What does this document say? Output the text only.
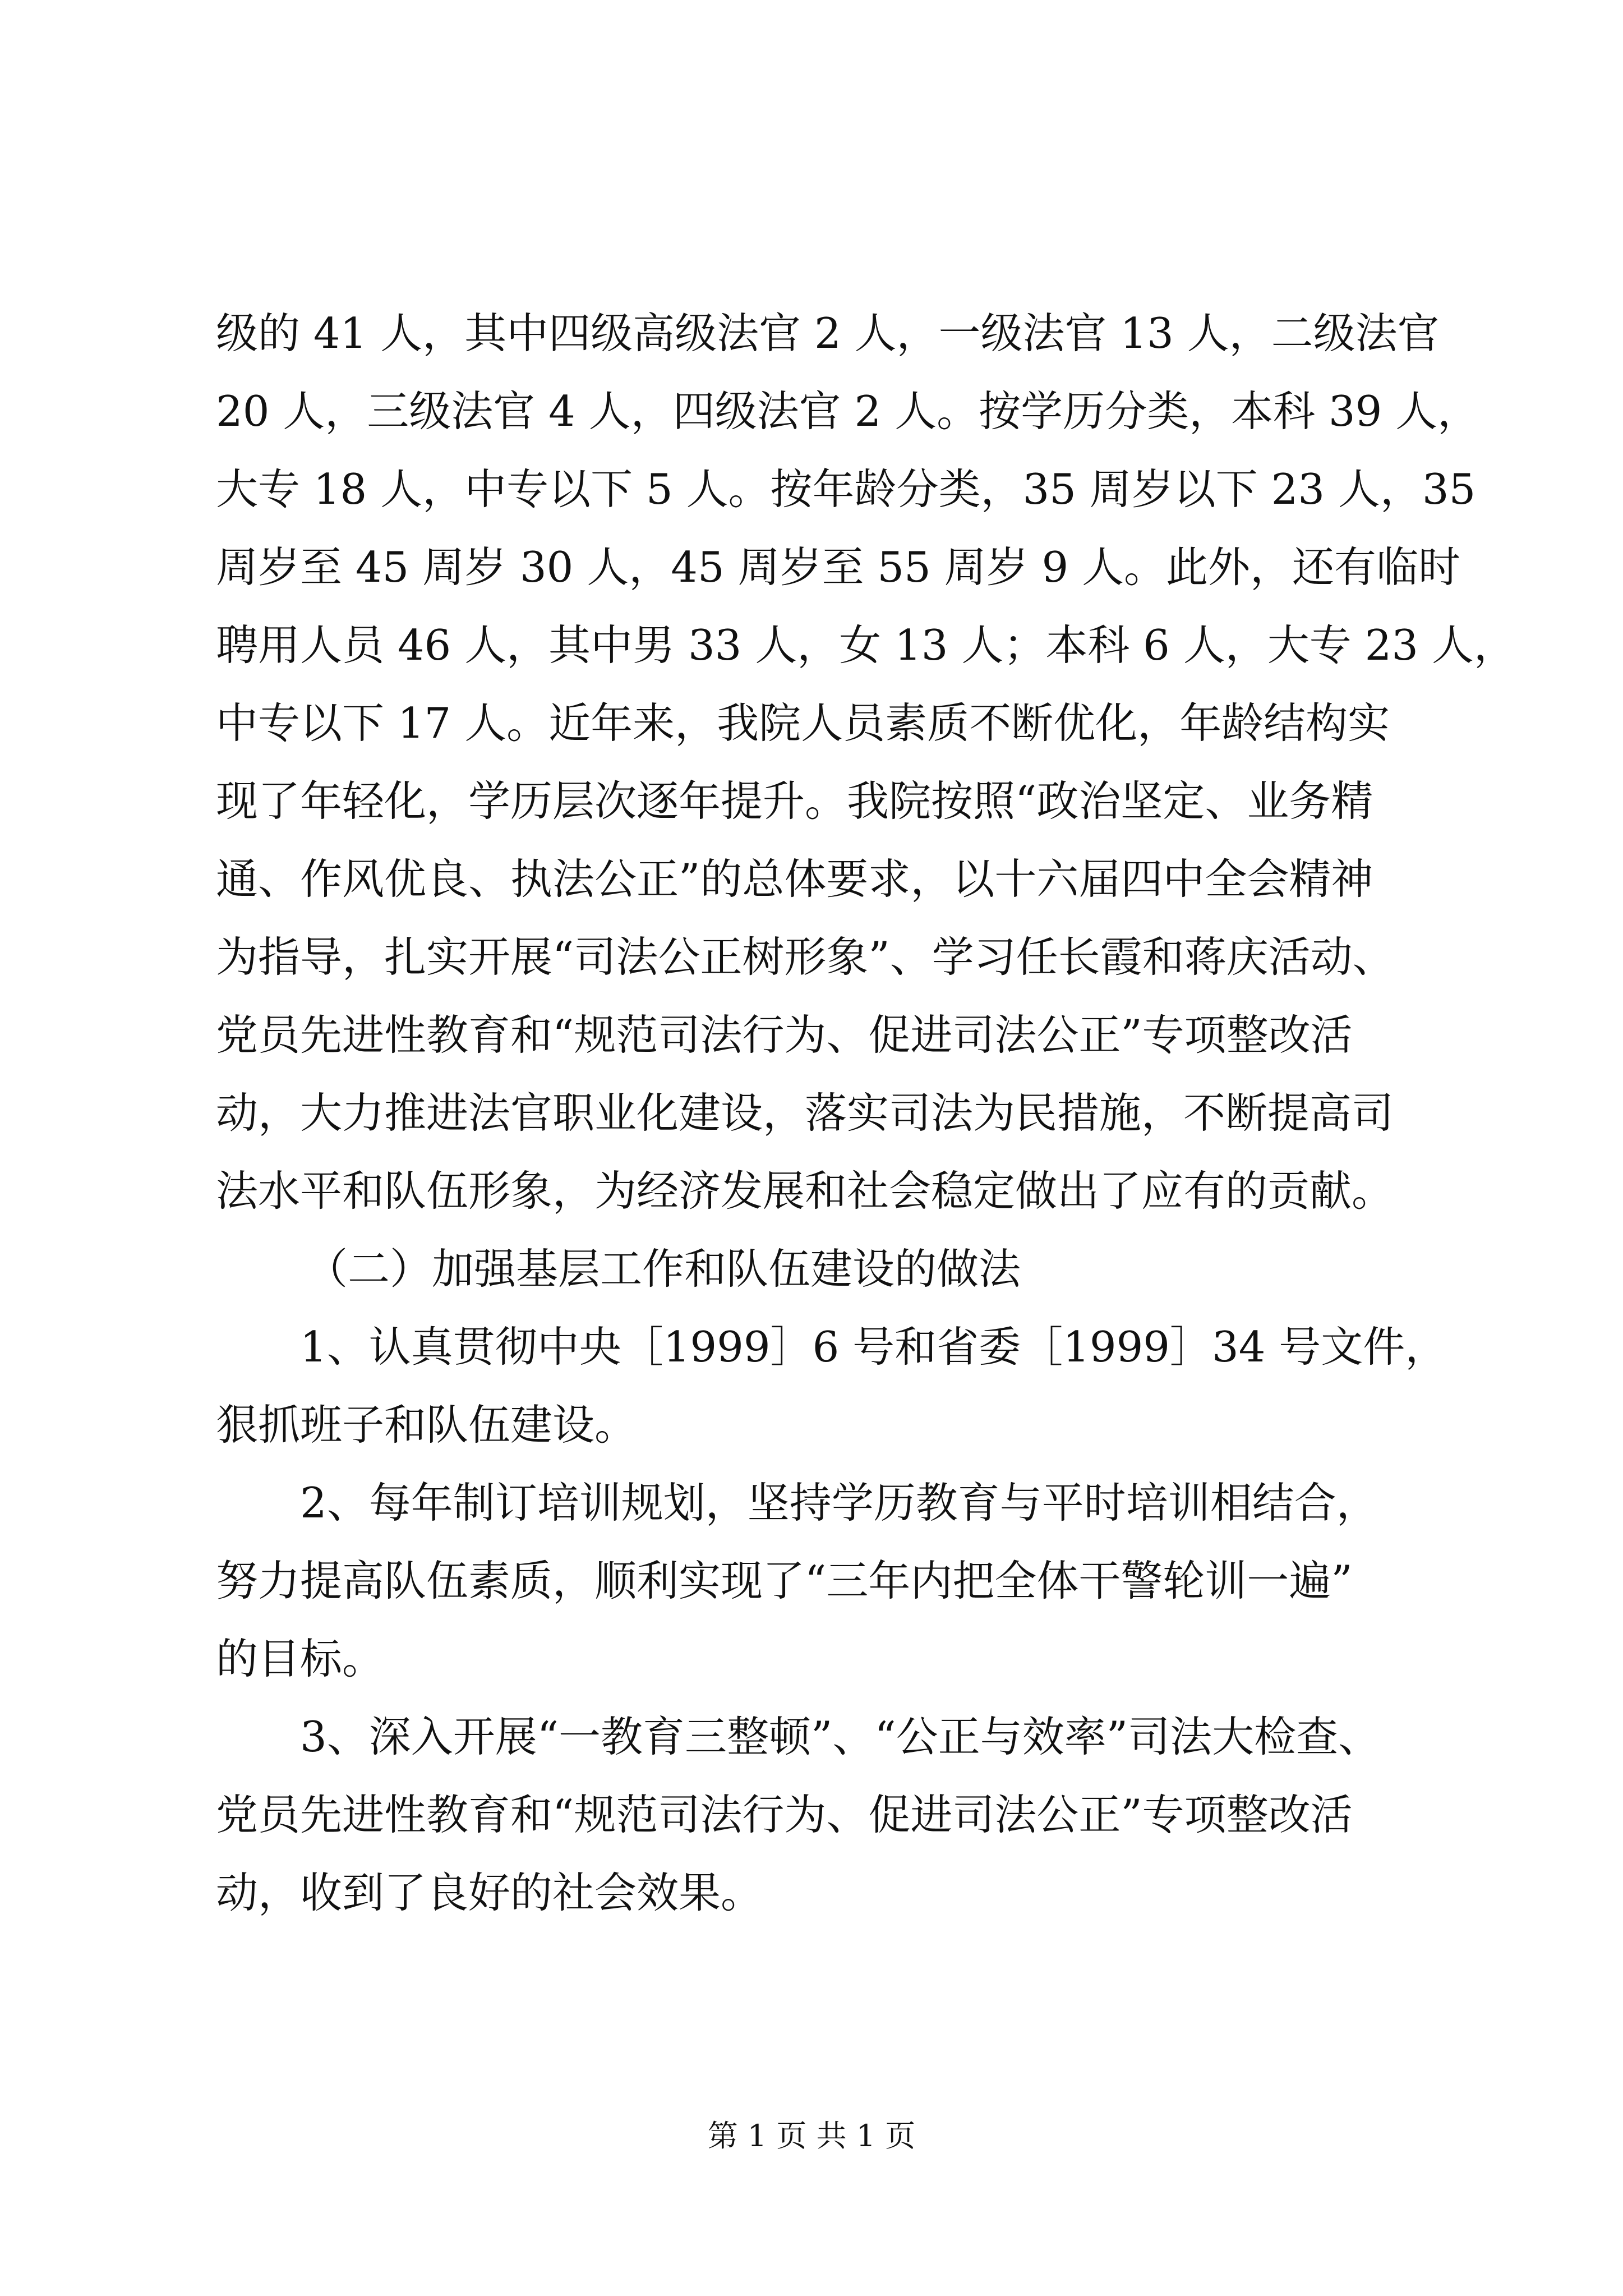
级的 41 人，其中四级高级法官 2 人，一级法官 13 人，二级法官
20 人，三级法官 4 人，四级法官 2 人。按学历分类，本科 39 人，
大专 18 人，中专以下 5 人。按年龄分类，35 周岁以下 23 人，35
周岁至 45 周岁 30 人，45 周岁至 55 周岁 9 人。此外，还有临时
聘用人员 46 人，其中男 33 人，女 13 人；本科 6 人，大专 23 人，
中专以下 17 人。近年来，我院人员素质不断优化，年龄结构实
现了年轻化，学历层次逐年提升。我院按照“政治坚定、业务精
通、作风优良、执法公正”的总体要求，以十六届四中全会精神
为指导，扎实开展“司法公正树形象”、学习任长霞和蒋庆活动、
党员先进性教育和“规范司法行为、促进司法公正”专项整改活
动，大力推进法官职业化建设，落实司法为民措施，不断提高司
法水平和队伍形象，为经济发展和社会稳定做出了应有的贡献。
（二）加强基层工作和队伍建设的做法
1、认真贯彻中央［1999］6 号和省委［1999］34 号文件，
狠抓班子和队伍建设。
2、每年制订培训规划，坚持学历教育与平时培训相结合，
努力提高队伍素质，顺利实现了“三年内把全体干警轮训一遍”
的目标。
3、深入开展“一教育三整顿”、“公正与效率”司法大检查、
党员先进性教育和“规范司法行为、促进司法公正”专项整改活
动，收到了良好的社会效果。
第 1 页 共 1 页
